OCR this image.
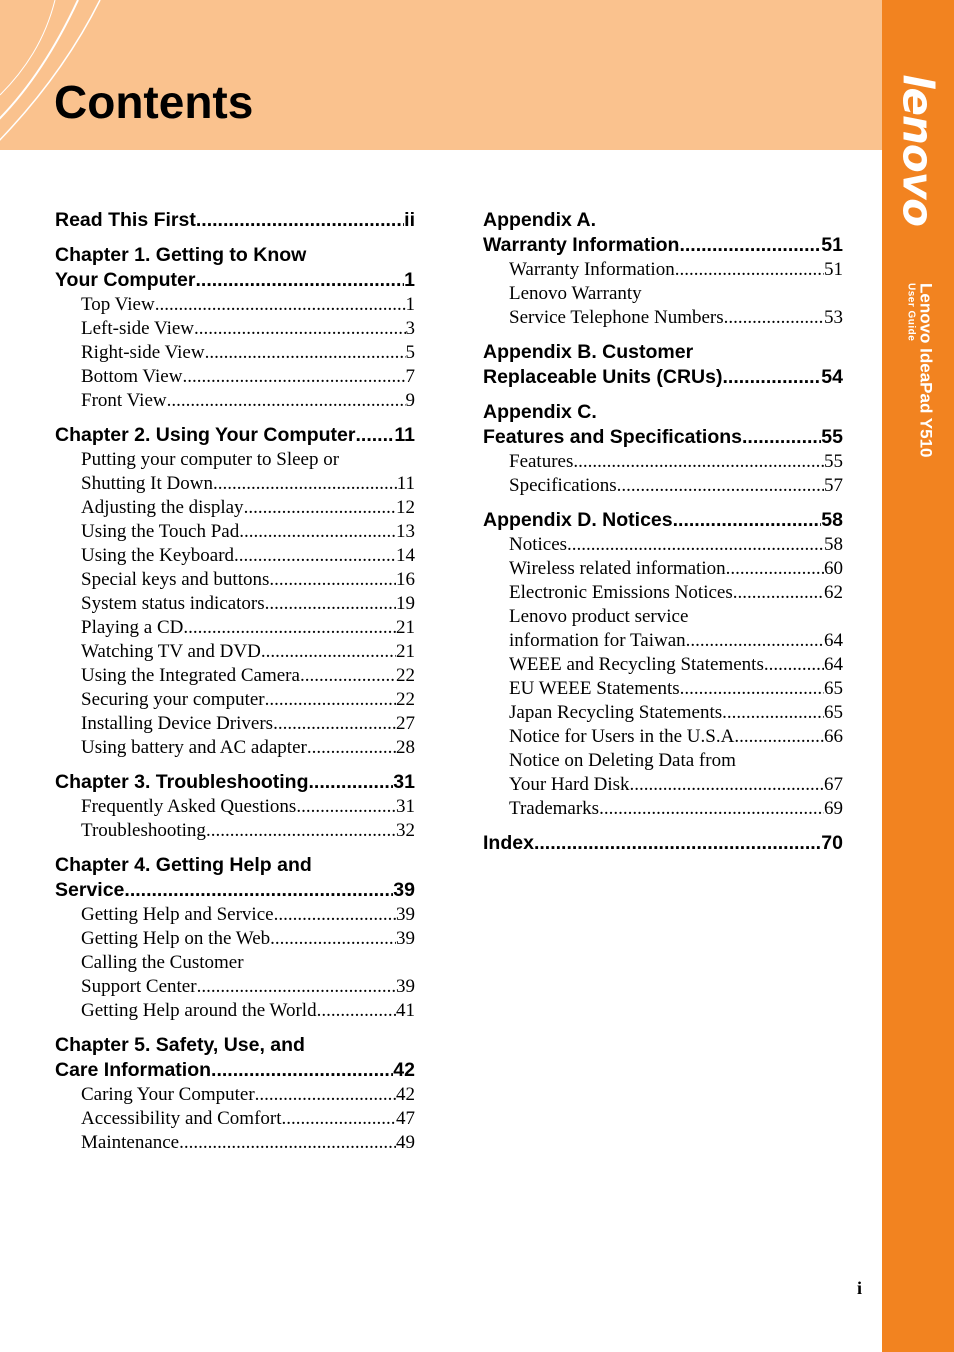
Contents	lenovo
Lenovo IdeaPad Y510
User Guide
Read This First .....	ii
Chapter 1. Getting to Know
Your Computer .....	1
Top View .....	1
Left-side View .....	3
Right-side View .....	5
Bottom View .....	7
Front View .....	9
Chapter 2. Using Your Computer ..... 11
Putting your computer to Sleep or
Shutting It Down .....	11
Adjusting the display .....	12
Using the Touch Pad .....	13
Using the Keyboard .....	14
Special keys and buttons .....	16
System status indicators .....	19
Playing a CD .....	21
Watching TV and DVD .....	21
Using the Integrated Camera .....	22
Securing your computer .....	22
Installing Device Drivers .....	27
Using battery and AC adapter .....	28
Chapter 3. Troubleshooting .....	31
Frequently Asked Questions .....	31
Troubleshooting .....	32
Chapter 4. Getting Help and
Service .....	39
Getting Help and Service .....	39
Getting Help on the Web .....	39
Calling the Customer
Support Center .....	39
Getting Help around the World .....	41
Chapter 5. Safety, Use, and
Care Information .....	42
Caring Your Computer .....	42
Accessibility and Comfort .....	47
Maintenance .....	49
Appendix A.
Warranty Information .....	51
Warranty Information .....	51
Lenovo Warranty
Service Telephone Numbers .....	53
Appendix B. Customer
Replaceable Units (CRUs) .....	54
Appendix C.
Features and Specifications .....	55
Features .....	55
Specifications .....	57
Appendix D. Notices .....	58
Notices .....	58
Wireless related information .....	60
Electronic Emissions Notices .....	62
Lenovo product service
information for Taiwan .....	64
WEEE and Recycling Statements .....	64
EU WEEE Statements .....	65
Japan Recycling Statements .....	65
Notice for Users in the U.S.A. .....	66
Notice on Deleting Data from
Your Hard Disk .....	67
Trademarks .....	69
Index .....	70
i
